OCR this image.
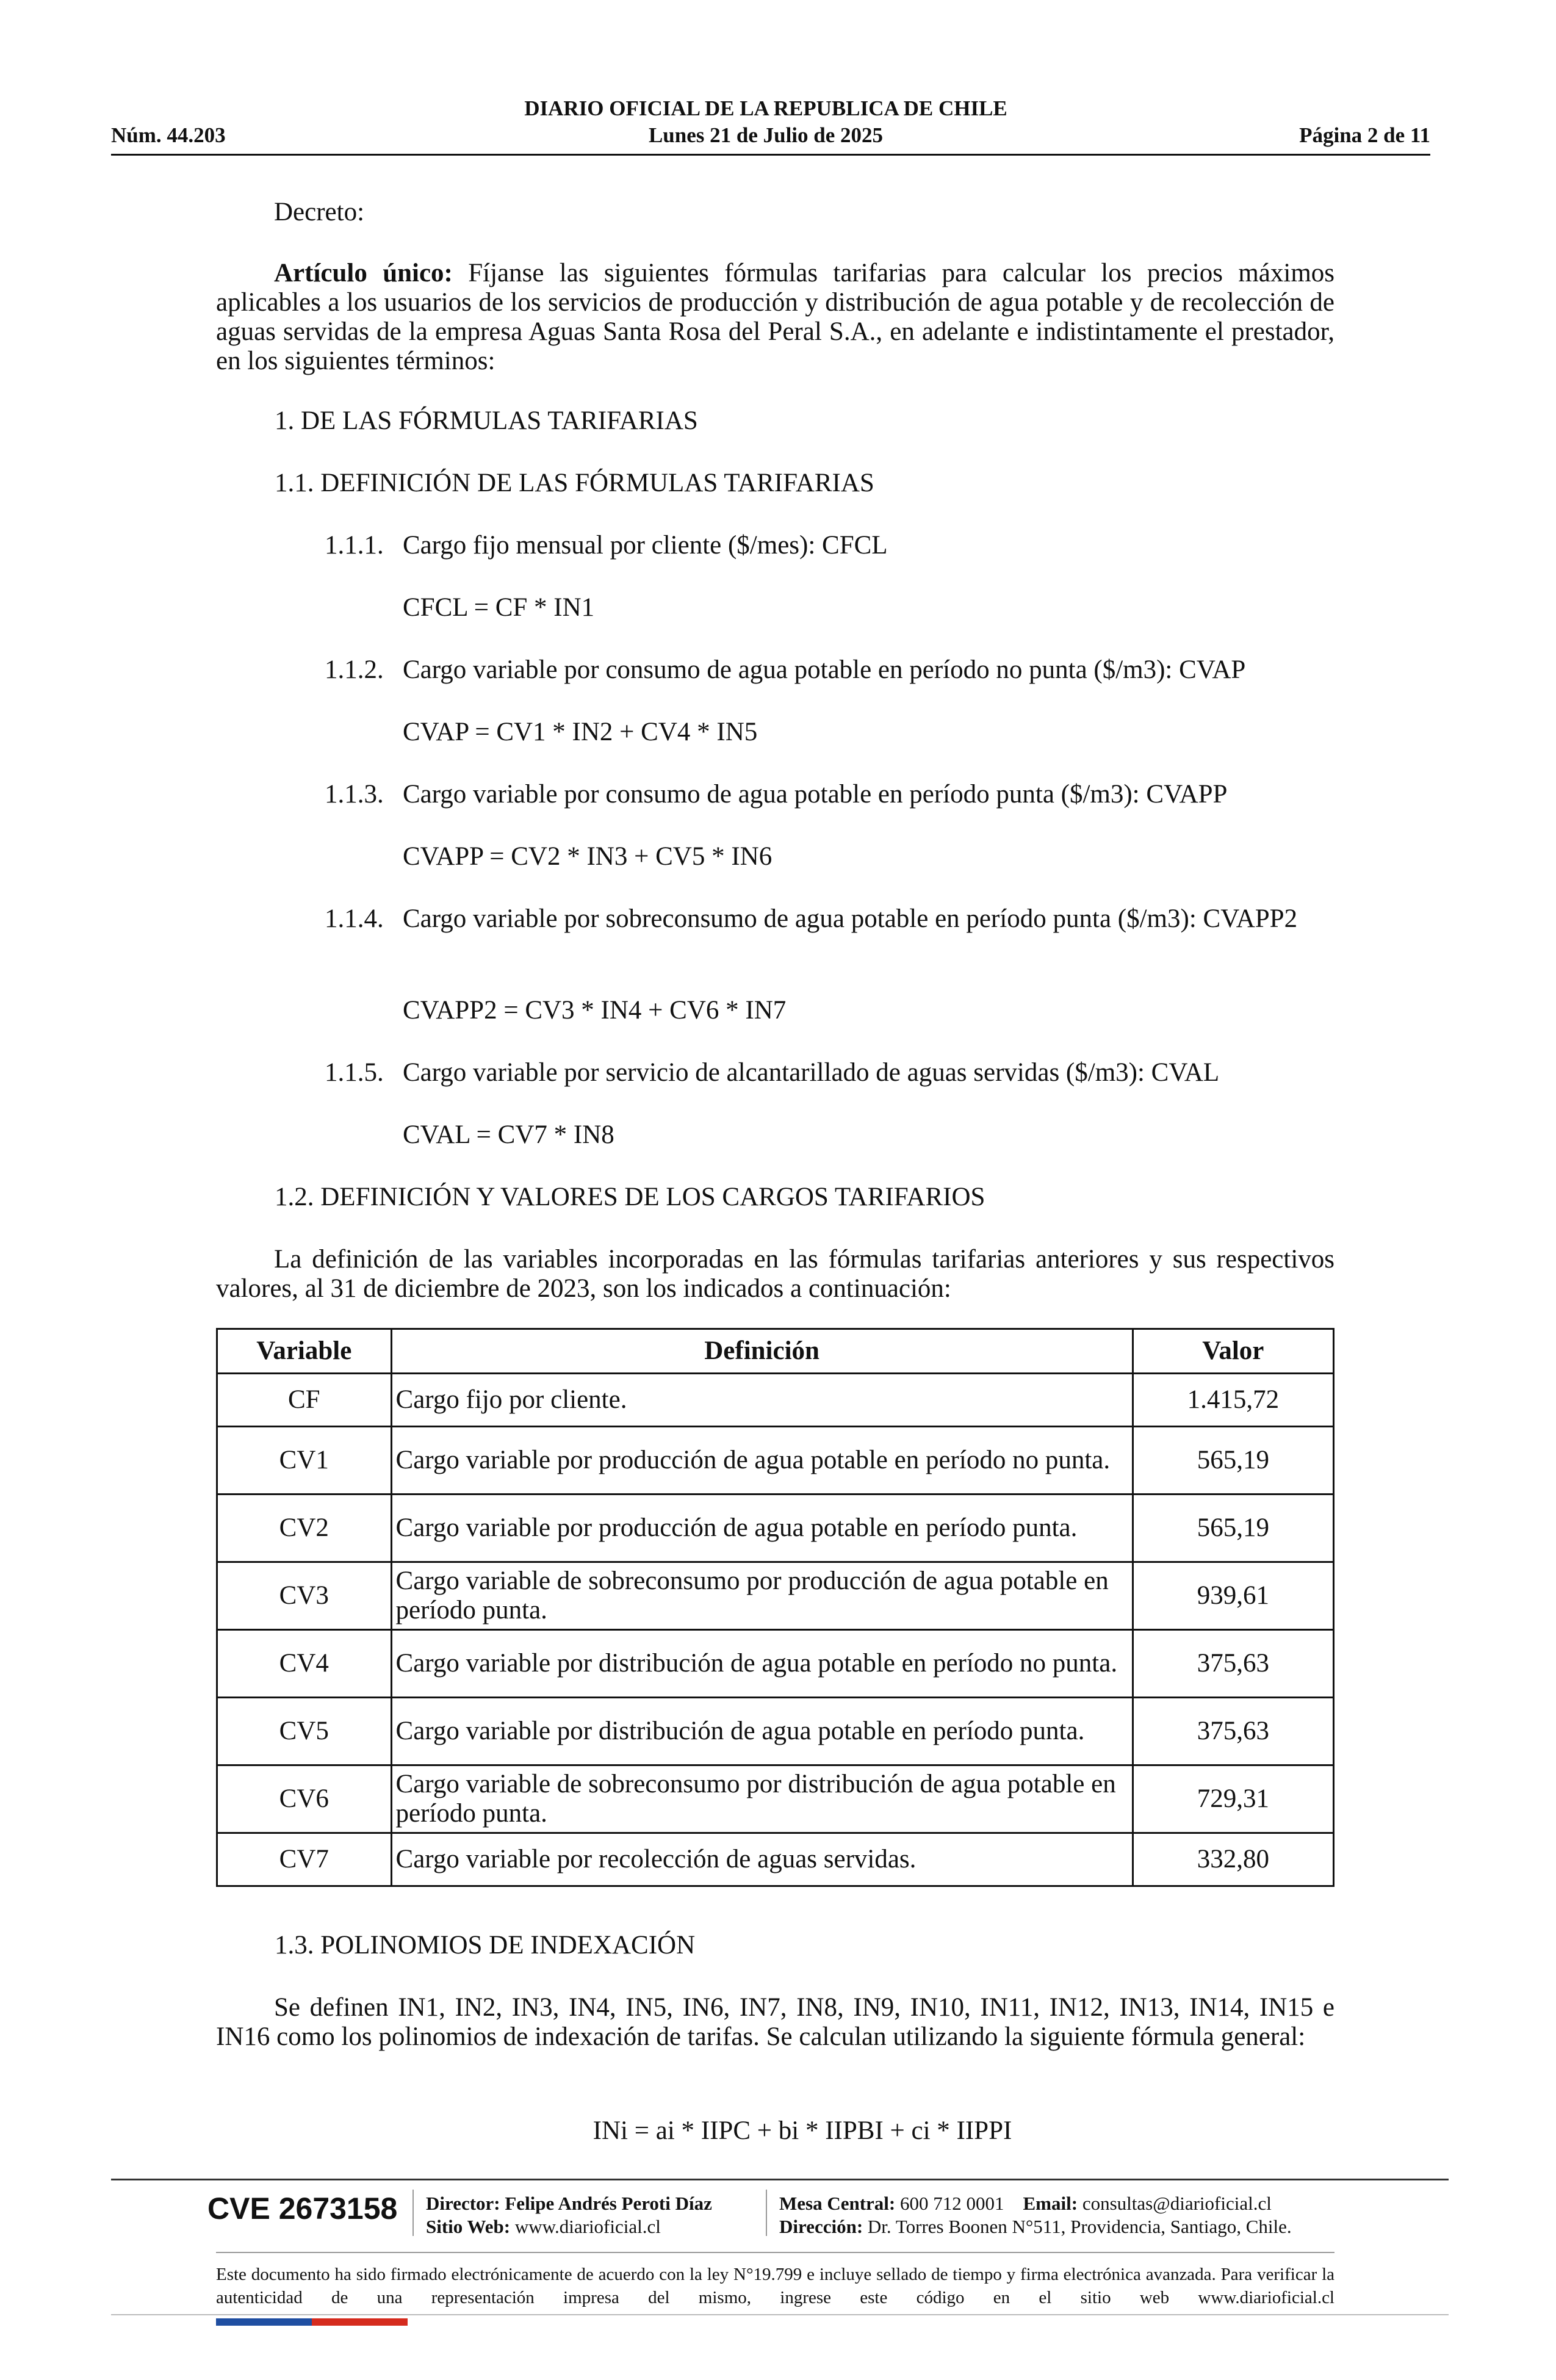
DIARIO OFICIAL DE LA REPUBLICA DE CHILE
Núm. 44.203	Lunes 21 de Julio de 2025	Página 2 de 11
Decreto:
Artículo único: Fíjanse las siguientes fórmulas tarifarias para calcular los precios máximos aplicables a los usuarios de los servicios de producción y distribución de agua potable y de recolección de aguas servidas de la empresa Aguas Santa Rosa del Peral S.A., en adelante e indistintamente el prestador, en los siguientes términos:
1. DE LAS FÓRMULAS TARIFARIAS
1.1. DEFINICIÓN DE LAS FÓRMULAS TARIFARIAS
1.1.1. Cargo fijo mensual por cliente ($/mes): CFCL
CFCL = CF * IN1
1.1.2. Cargo variable por consumo de agua potable en período no punta ($/m3): CVAP
CVAP = CV1 * IN2 + CV4 * IN5
1.1.3. Cargo variable por consumo de agua potable en período punta ($/m3): CVAPP
CVAPP = CV2 * IN3 + CV5 * IN6
1.1.4. Cargo variable por sobreconsumo de agua potable en período punta ($/m3): CVAPP2
CVAPP2 = CV3 * IN4 + CV6 * IN7
1.1.5. Cargo variable por servicio de alcantarillado de aguas servidas ($/m3): CVAL
CVAL = CV7 * IN8
1.2. DEFINICIÓN Y VALORES DE LOS CARGOS TARIFARIOS
La definición de las variables incorporadas en las fórmulas tarifarias anteriores y sus respectivos valores, al 31 de diciembre de 2023, son los indicados a continuación:
Variable	Definición	Valor
CF	Cargo fijo por cliente.	1.415,72
CV1	Cargo variable por producción de agua potable en período no punta.	565,19
CV2	Cargo variable por producción de agua potable en período punta.	565,19
CV3	Cargo variable de sobreconsumo por producción de agua potable en período punta.	939,61
CV4	Cargo variable por distribución de agua potable en período no punta.	375,63
CV5	Cargo variable por distribución de agua potable en período punta.	375,63
CV6	Cargo variable de sobreconsumo por distribución de agua potable en período punta.	729,31
CV7	Cargo variable por recolección de aguas servidas.	332,80
1.3. POLINOMIOS DE INDEXACIÓN
Se definen IN1, IN2, IN3, IN4, IN5, IN6, IN7, IN8, IN9, IN10, IN11, IN12, IN13, IN14, IN15 e IN16 como los polinomios de indexación de tarifas. Se calculan utilizando la siguiente fórmula general:
INi = ai * IIPC + bi * IIPBI + ci * IIPPI
CVE 2673158 Director: Felipe Andrés Peroti Díaz
Sitio Web: www.diarioficial.cl
Mesa Central: 600 712 0001 Email: consultas@diarioficial.cl
Dirección: Dr. Torres Boonen N°511, Providencia, Santiago, Chile.
Este documento ha sido firmado electrónicamente de acuerdo con la ley N°19.799 e incluye sellado de tiempo y firma electrónica avanzada. Para verificar la autenticidad de una representación impresa del mismo, ingrese este código en el sitio web www.diarioficial.cl
